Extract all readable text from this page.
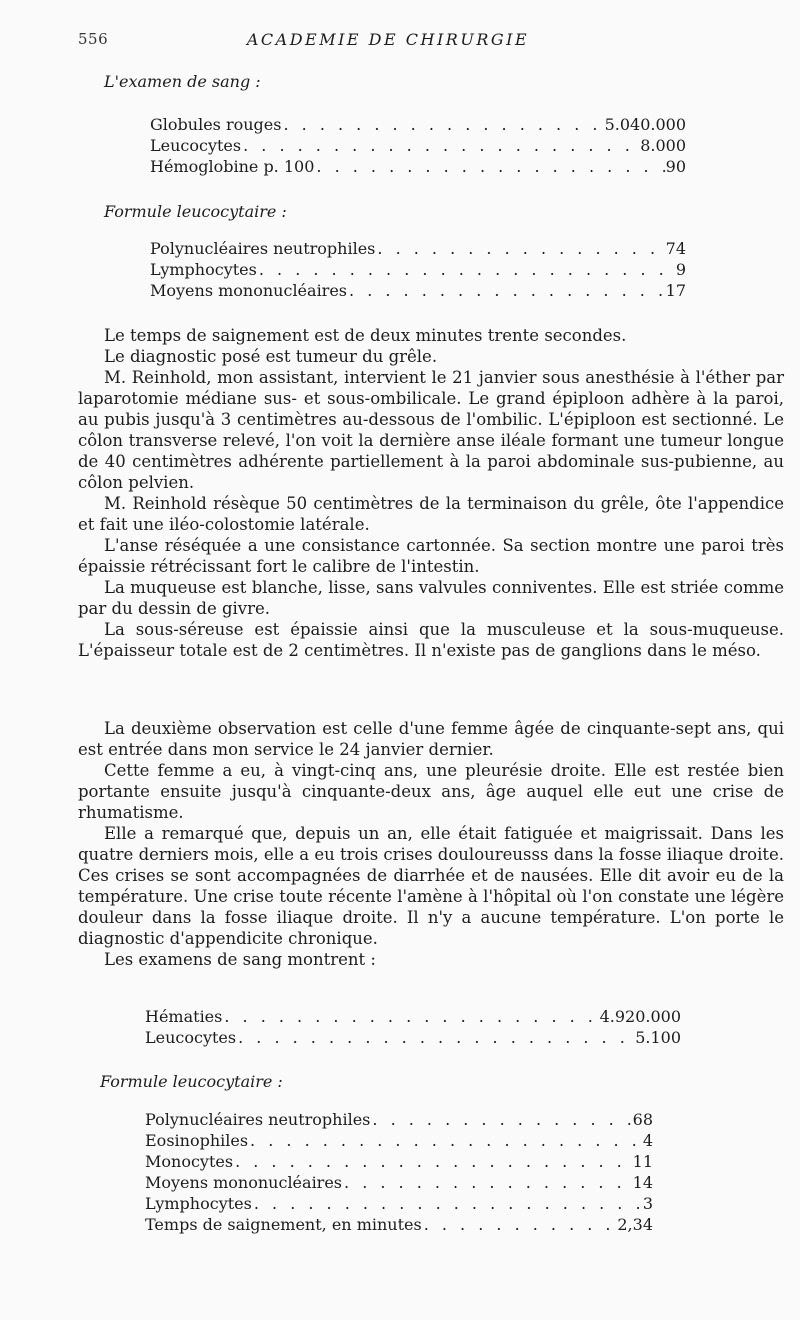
556	ACADEMIE DE CHIRURGIE
L'examen de sang :
Globules rouges . . .	5.040.000
Leucocytes . . .	8.000
Hémoglobine p. 100 . . .	90
Formule leucocytaire :
Polynucléaires neutrophiles . . .	74
Lymphocytes . . .	9
Moyens mononucléaires . . .	17

Le temps de saignement est de deux minutes trente secondes.

Le diagnostic posé est tumeur du grêle.

M. Reinhold, mon assistant, intervient le 21 janvier sous anesthésie à l'éther par laparotomie médiane sus- et sous-ombilicale. Le grand épiploon adhère à la paroi, au pubis jusqu'à 3 centimètres au-dessous de l'ombilic. L'épiploon est sectionné. Le côlon transverse relevé, l'on voit la dernière anse iléale formant une tumeur longue de 40 centimètres adhérente partiellement à la paroi abdominale sus-pubienne, au côlon pelvien.

M. Reinhold résèque 50 centimètres de la terminaison du grêle, ôte l'appendice et fait une iléo-colostomie latérale.

L'anse réséquée a une consistance cartonnée. Sa section montre une paroi très épaissie rétrécissant fort le calibre de l'intestin.

La muqueuse est blanche, lisse, sans valvules conniventes. Elle est striée comme par du dessin de givre.

La sous-séreuse est épaissie ainsi que la musculeuse et la sous-muqueuse. L'épaisseur totale est de 2 centimètres. Il n'existe pas de ganglions dans le méso.

La deuxième observation est celle d'une femme âgée de cinquante-sept ans, qui est entrée dans mon service le 24 janvier dernier.

Cette femme a eu, à vingt-cinq ans, une pleurésie droite. Elle est restée bien portante ensuite jusqu'à cinquante-deux ans, âge auquel elle eut une crise de rhumatisme.

Elle a remarqué que, depuis un an, elle était fatiguée et maigrissait. Dans les quatre derniers mois, elle a eu trois crises douloureusss dans la fosse iliaque droite. Ces crises se sont accompagnées de diarrhée et de nausées. Elle dit avoir eu de la température. Une crise toute récente l'amène à l'hôpital où l'on constate une légère douleur dans la fosse iliaque droite. Il n'y a aucune température. L'on porte le diagnostic d'appendicite chronique.

Les examens de sang montrent :

Hématies . . .	4.920.000
Leucocytes . . .	5.100
Formule leucocytaire :
Polynucléaires neutrophiles . . .	68
Eosinophiles . . .	4
Monocytes . . .	11
Moyens mononucléaires . . .	14
Lymphocytes . . .	3
Temps de saignement, en minutes . . .	2,34
